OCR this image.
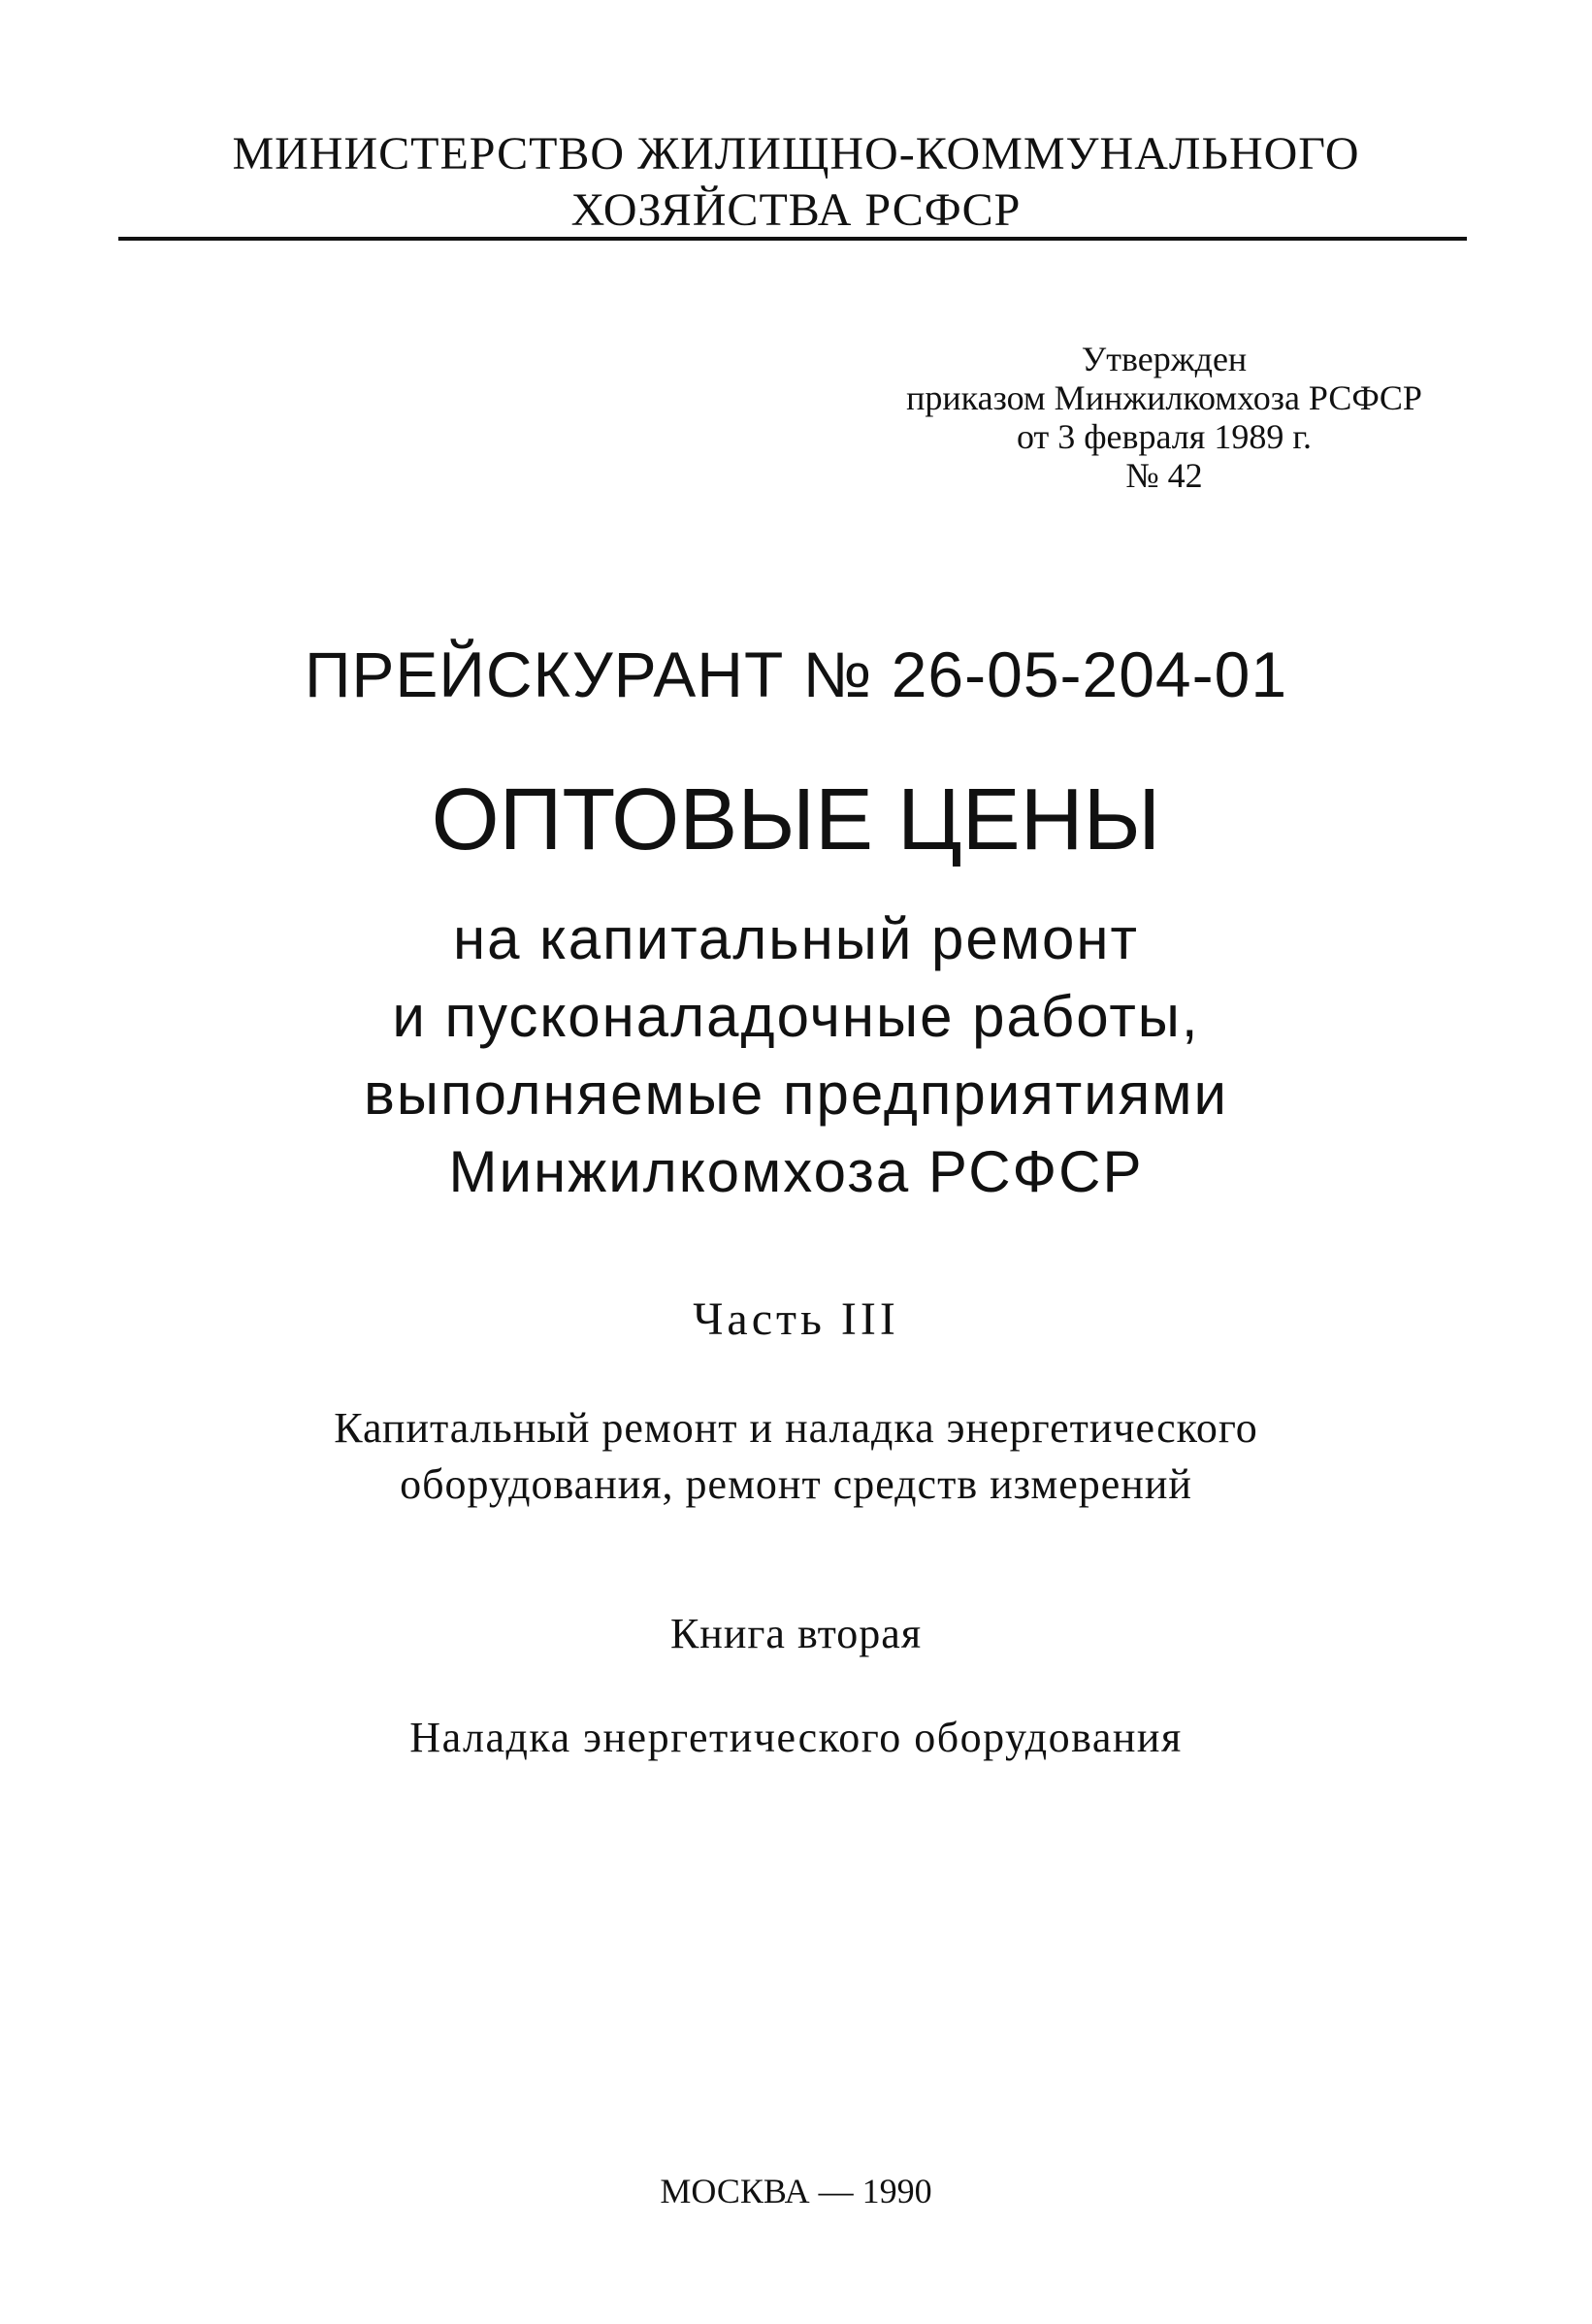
МИНИСТЕРСТВО ЖИЛИЩНО-КОММУНАЛЬНОГО
ХОЗЯЙСТВА РСФСР
Утвержден
приказом Минжилкомхоза РСФСР
от 3 февраля 1989 г.
№ 42
ПРЕЙСКУРАНТ № 26-05-204-01
ОПТОВЫЕ ЦЕНЫ
на капитальный ремонт
и пусконаладочные работы,
выполняемые предприятиями
Минжилкомхоза РСФСР
Часть III
Капитальный ремонт и наладка энергетического
оборудования, ремонт средств измерений
Книга вторая
Наладка энергетического оборудования
МОСКВА — 1990
